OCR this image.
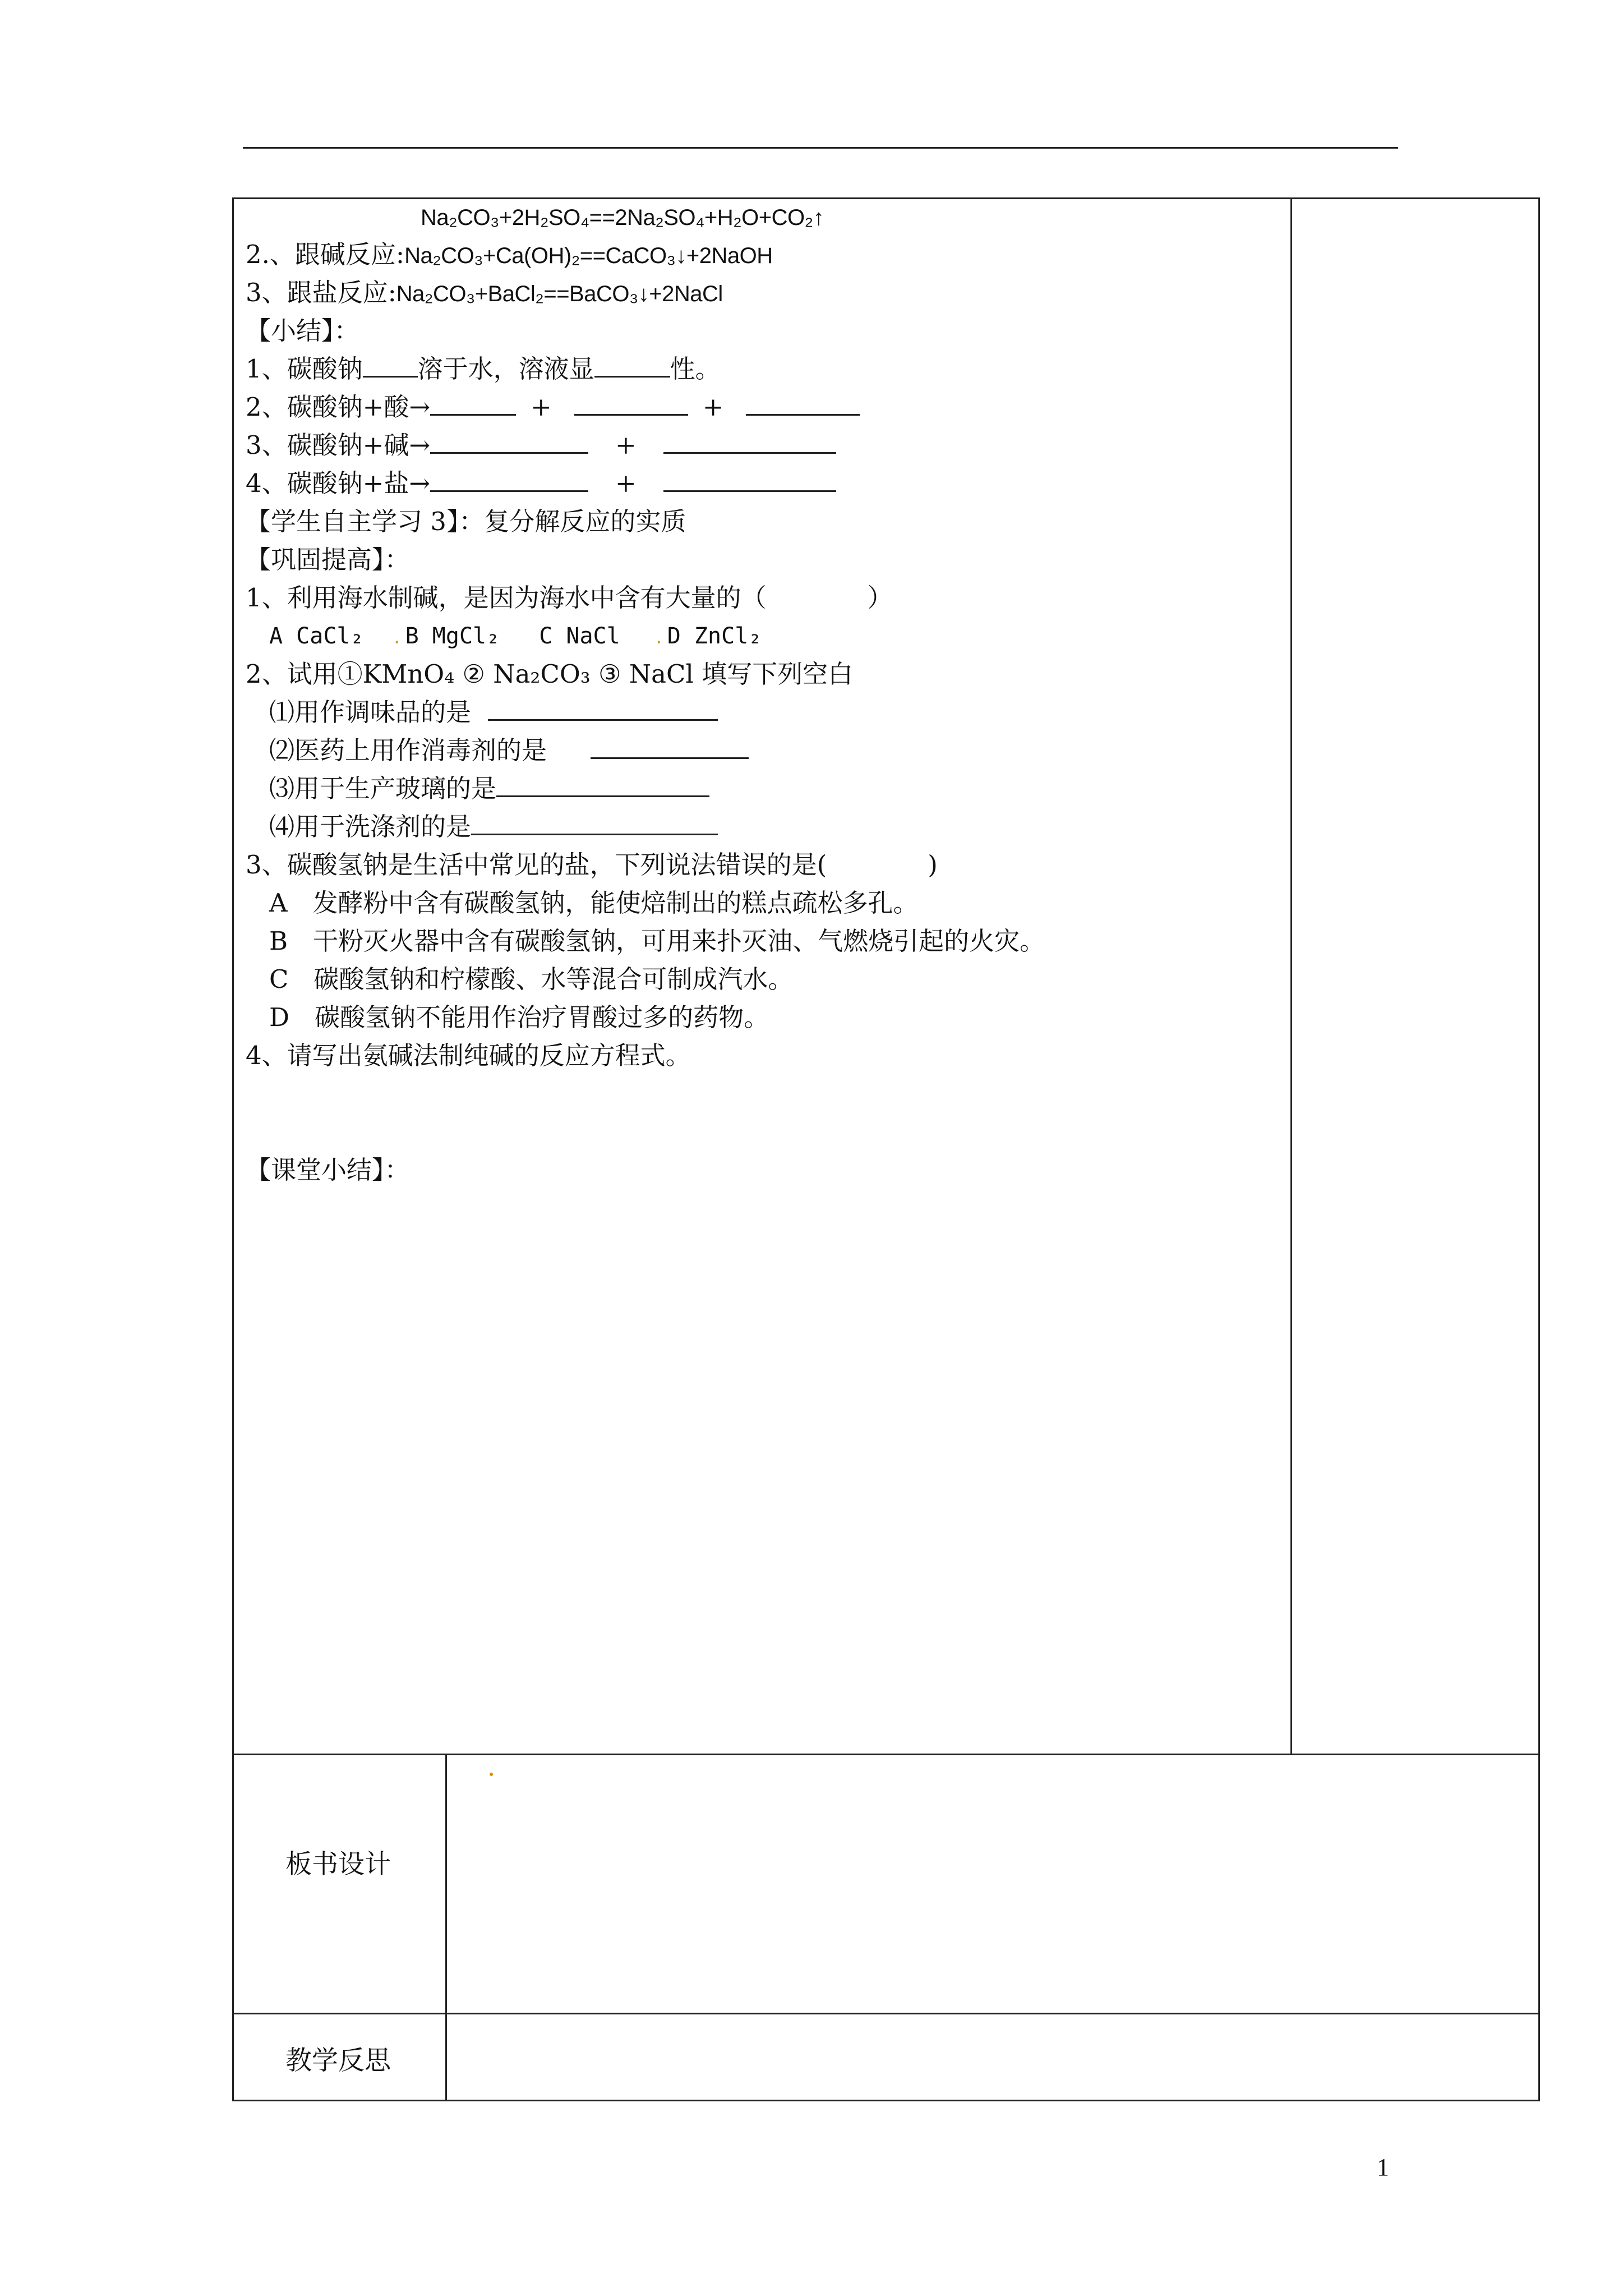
Na₂CO₃+2H₂SO₄==2Na₂SO₄+H₂O+CO₂↑
2.、跟碱反应:Na₂CO₃+Ca(OH)₂==CaCO₃↓+2NaOH
3、跟盐反应:Na₂CO₃+BaCl₂==BaCO₃↓+2NaCl
【小结】：
1、碳酸钠 溶于水，溶液显	性。
2、碳酸钠+酸→	+	+
3、碳酸钠+碱→	+
4、碳酸钠+盐→	+
【学生自主学习 3】：复分解反应的实质
【巩固提高】：
1、利用海水制碱，是因为海水中含有大量的（　　　　）
A CaCl₂ . B MgCl₂ C NaCl . D ZnCl₂
2、试用①KMnO₄ ② Na₂CO₃ ③ NaCl 填写下列空白
⑴用作调味品的是
⑵医药上用作消毒剂的是
⑶用于生产玻璃的是
⑷用于洗涤剂的是
3、碳酸氢钠是生活中常见的盐，下列说法错误的是(　　　　)
A　发酵粉中含有碳酸氢钠，能使焙制出的糕点疏松多孔。
B　干粉灭火器中含有碳酸氢钠，可用来扑灭油、气燃烧引起的火灾。
C　碳酸氢钠和柠檬酸、水等混合可制成汽水。
D　碳酸氢钠不能用作治疗胃酸过多的药物。
4、请写出氨碱法制纯碱的反应方程式。
【课堂小结】：
板书设计
教学反思
1
